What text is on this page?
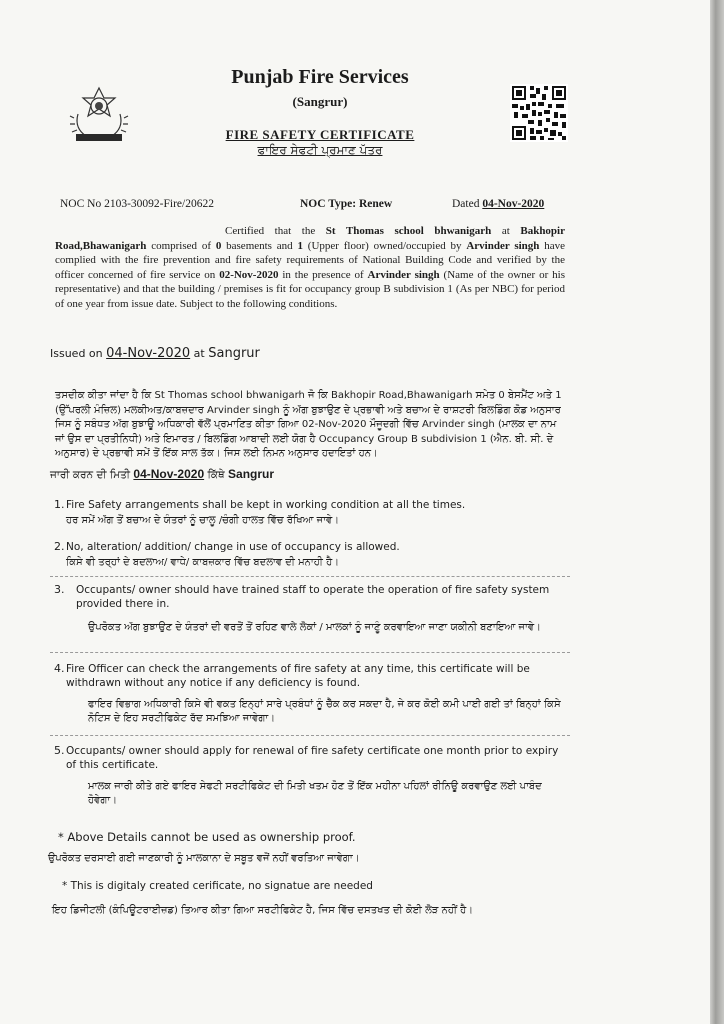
Punjab Fire Services
(Sangrur)
FIRE SAFETY CERTIFICATE
ਫਾਇਰ ਸੇਫਟੀ ਪ੍ਰਮਾਣ ਪੱਤਰ
NOC No 2103-30092-Fire/20622	NOC Type: Renew	Dated 04-Nov-2020
Certified that the St Thomas school bhwanigarh at Bakhopir Road,Bhawanigarh comprised of 0 basements and 1 (Upper floor) owned/occupied by Arvinder singh have complied with the fire prevention and fire safety requirements of National Building Code and verified by the officer concerned of fire service on 02-Nov-2020 in the presence of Arvinder singh (Name of the owner or his representative) and that the building / premises is fit for occupancy group B subdivision 1 (As per NBC) for period of one year from issue date. Subject to the following conditions.
Issued on 04-Nov-2020 at Sangrur
ਤਸਦੀਕ ਕੀਤਾ ਜਾਂਦਾ ਹੈ ਕਿ St Thomas school bhwanigarh ਜੋ ਕਿ Bakhopir Road,Bhawanigarh ਸਮੇਤ 0 ਬੇਸਮੈਂਟ ਅਤੇ 1 (ਉੱਪਰਲੀ ਮੰਜ਼ਿਲ) ਮਲਕੀਅਤ/ਕਾਬਜ਼ਦਾਰ Arvinder singh ਨੂੰ ਅੱਗ ਬੁਝਾਉਣ ਦੇ ਪ੍ਰਭਾਵੀ ਅਤੇ ਬਚਾਅ ਦੇ ਰਾਸ਼ਟਰੀ ਬਿਲਡਿੰਗ ਕੋਡ ਅਨੁਸਾਰ ਜਿਸ ਨੂੰ ਸਬੰਧਤ ਅੱਗ ਬੁਝਾਊ ਅਧਿਕਾਰੀ ਵੱਲੋਂ ਪ੍ਰਮਾਣਿਤ ਕੀਤਾ ਗਿਆ 02-Nov-2020 ਮੌਜੂਦਗੀ ਵਿੱਚ Arvinder singh (ਮਾਲਕ ਦਾ ਨਾਮ ਜਾਂ ਉਸ ਦਾ ਪ੍ਰਤੀਨਿਧੀ) ਅਤੇ ਇਮਾਰਤ / ਬਿਲਡਿੰਗ ਆਬਾਦੀ ਲਈ ਯੋਗ ਹੈ Occupancy Group B subdivision 1 (ਐਨ. ਬੀ. ਸੀ. ਦੇ ਅਨੁਸਾਰ) ਦੇ ਪ੍ਰਭਾਵੀ ਸਮੇਂ ਤੋਂ ਇੱਕ ਸਾਲ ਤੱਕ। ਜਿਸ ਲਈ ਨਿਮਨ ਅਨੁਸਾਰ ਹਦਾਇਤਾਂ ਹਨ।
ਜਾਰੀ ਕਰਨ ਦੀ ਮਿਤੀ 04-Nov-2020 ਕਿੱਥੇ Sangrur
1. Fire Safety arrangements shall be kept in working condition at all the times.
ਹਰ ਸਮੇਂ ਅੱਗ ਤੋਂ ਬਚਾਅ ਦੇ ਯੰਤਰਾਂ ਨੂੰ ਚਾਲੂ /ਚੰਗੀ ਹਾਲਤ ਵਿੱਚ ਰੱਖਿਆ ਜਾਵੇ।
2. No, alteration/ addition/ change in use of occupancy is allowed.
ਕਿਸੇ ਵੀ ਤਰ੍ਹਾਂ ਦੇ ਬਦਲਾਅ/ ਵਾਧੇ/ ਕਾਬਜ਼ਕਾਰ ਵਿੱਚ ਬਦਲਾਵ ਦੀ ਮਨਾਹੀ ਹੈ।
3.	Occupants/ owner should have trained staff to operate the operation of fire safety system provided there in.
ਉਪਰੋਕਤ ਅੱਗ ਬੁਝਾਉਣ ਦੇ ਯੰਤਰਾਂ ਦੀ ਵਰਤੋਂ ਤੋਂ ਰਹਿਣ ਵਾਲੇ ਲੋਕਾਂ / ਮਾਲਕਾਂ ਨੂੰ ਜਾਣੂੰ ਕਰਵਾਇਆ ਜਾਣਾ ਯਕੀਨੀ ਬਣਾਇਆ ਜਾਵੇ।
4. Fire Officer can check the arrangements of fire safety at any time, this certificate will be withdrawn without any notice if any deficiency is found.
ਫਾਇਰ ਵਿਭਾਗ ਅਧਿਕਾਰੀ ਕਿਸੇ ਵੀ ਵਕਤ ਇਨ੍ਹਾਂ ਸਾਰੇ ਪ੍ਰਬੰਧਾਂ ਨੂੰ ਚੈੱਕ ਕਰ ਸਕਦਾ ਹੈ, ਜੇ ਕਰ ਕੋਈ ਕਮੀ ਪਾਈ ਗਈ ਤਾਂ ਬਿਨ੍ਹਾਂ ਕਿਸੇ ਨੋਟਿਸ ਦੇ ਇਹ ਸਰਟੀਫਿਕੇਟ ਰੱਦ ਸਮਝਿਆ ਜਾਵੇਗਾ।
5. Occupants/ owner should apply for renewal of fire safety certificate one month prior to expiry of this certificate.
ਮਾਲਕ ਜਾਰੀ ਕੀਤੇ ਗਏ ਫਾਇਰ ਸੇਫਟੀ ਸਰਟੀਫਿਕੇਟ ਦੀ ਮਿਤੀ ਖਤਮ ਹੋਣ ਤੋਂ ਇੱਕ ਮਹੀਨਾ ਪਹਿਲਾਂ ਰੀਨਿਊ ਕਰਵਾਉਣ ਲਈ ਪਾਬੰਦ ਹੋਵੇਗਾ।
* Above Details cannot be used as ownership proof.
ਉਪਰੋਕਤ ਦਰਸਾਈ ਗਈ ਜਾਣਕਾਰੀ ਨੂੰ ਮਾਲਕਾਨਾ ਦੇ ਸਬੂਤ ਵਜੋਂ ਨਹੀਂ ਵਰਤਿਆ ਜਾਵੇਗਾ।
* This is digitaly created cerificate, no signatue are needed
ਇਹ ਡਿਜੀਟਲੀ (ਕੰਪਿਊਟਰਾਈਜ਼ਡ) ਤਿਆਰ ਕੀਤਾ ਗਿਆ ਸਰਟੀਫਿਕੇਟ ਹੈ, ਜਿਸ ਵਿੱਚ ਦਸਤਖਤ ਦੀ ਕੋਈ ਲੋੜ ਨਹੀਂ ਹੈ।
